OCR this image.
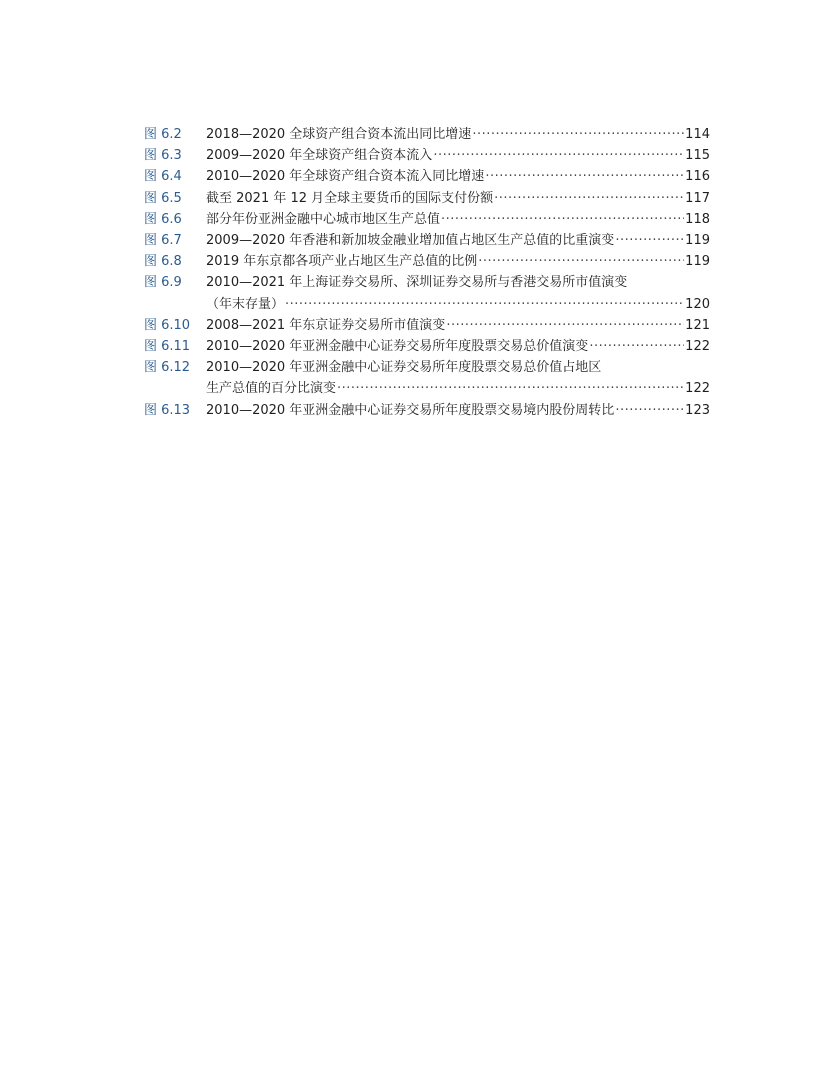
图 6.2	2018—2020 全球资产组合资本流出同比增速 ·····	114
图 6.3	2009—2020 年全球资产组合资本流入 ·····	115
图 6.4	2010—2020 年全球资产组合资本流入同比增速 ·····	116
图 6.5	截至 2021 年 12 月全球主要货币的国际支付份额 ·····	117
图 6.6	部分年份亚洲金融中心城市地区生产总值 ·····	118
图 6.7	2009—2020 年香港和新加坡金融业增加值占地区生产总值的比重演变 ·····	119
图 6.8	2019 年东京都各项产业占地区生产总值的比例 ·····	119
图 6.9	2010—2021 年上海证券交易所、深圳证券交易所与香港交易所市值演变
（年末存量） ·····	120
图 6.10	2008—2021 年东京证券交易所市值演变 ·····	121
图 6.11	2010—2020 年亚洲金融中心证券交易所年度股票交易总价值演变 ·····	122
图 6.12	2010—2020 年亚洲金融中心证券交易所年度股票交易总价值占地区
生产总值的百分比演变 ·····	122
图 6.13	2010—2020 年亚洲金融中心证券交易所年度股票交易境内股份周转比 ·····	123
